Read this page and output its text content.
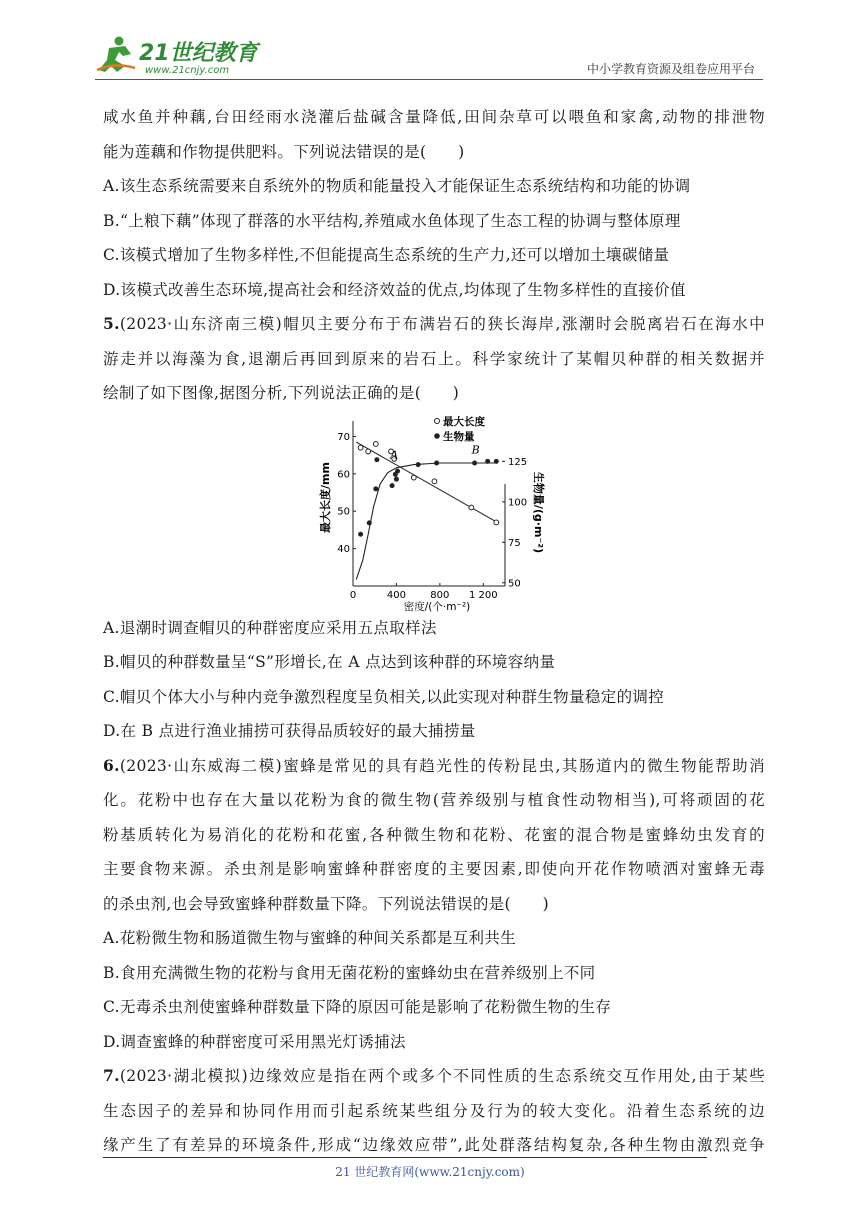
21世纪教育
www.21cnjy.com	中小学教育资源及组卷应用平台
咸水鱼并种藕,台田经雨水浇灌后盐碱含量降低,田间杂草可以喂鱼和家禽,动物的排泄物
能为莲藕和作物提供肥料。下列说法错误的是(　　)
A.该生态系统需要来自系统外的物质和能量投入才能保证生态系统结构和功能的协调
B.“上粮下藕”体现了群落的水平结构,养殖咸水鱼体现了生态工程的协调与整体原理
C.该模式增加了生物多样性,不但能提高生态系统的生产力,还可以增加土壤碳储量
D.该模式改善生态环境,提高社会和经济效益的优点,均体现了生物多样性的直接价值
5.(2023·山东济南三模)帽贝主要分布于布满岩石的狭长海岸,涨潮时会脱离岩石在海水中
游走并以海藻为食,退潮后再回到原来的岩石上。科学家统计了某帽贝种群的相关数据并
绘制了如下图像,据图分析,下列说法正确的是(　　)
0	400 800 1 200
40
50
60
70
50
75
100
125
最大长度/mm	生物量/(g·m⁻²)
密度/(个·m⁻²)
最大长度
生物量
A	B
A.退潮时调查帽贝的种群密度应采用五点取样法
B.帽贝的种群数量呈“S”形增长,在 A 点达到该种群的环境容纳量
C.帽贝个体大小与种内竞争激烈程度呈负相关,以此实现对种群生物量稳定的调控
D.在 B 点进行渔业捕捞可获得品质较好的最大捕捞量
6.(2023·山东威海二模)蜜蜂是常见的具有趋光性的传粉昆虫,其肠道内的微生物能帮助消
化。花粉中也存在大量以花粉为食的微生物(营养级别与植食性动物相当),可将顽固的花
粉基质转化为易消化的花粉和花蜜,各种微生物和花粉、花蜜的混合物是蜜蜂幼虫发育的
主要食物来源。杀虫剂是影响蜜蜂种群密度的主要因素,即使向开花作物喷洒对蜜蜂无毒
的杀虫剂,也会导致蜜蜂种群数量下降。下列说法错误的是(　　)
A.花粉微生物和肠道微生物与蜜蜂的种间关系都是互利共生
B.食用充满微生物的花粉与食用无菌花粉的蜜蜂幼虫在营养级别上不同
C.无毒杀虫剂使蜜蜂种群数量下降的原因可能是影响了花粉微生物的生存
D.调查蜜蜂的种群密度可采用黑光灯诱捕法
7.(2023·湖北模拟)边缘效应是指在两个或多个不同性质的生态系统交互作用处,由于某些
生态因子的差异和协同作用而引起系统某些组分及行为的较大变化。沿着生态系统的边
缘产生了有差异的环境条件,形成“边缘效应带”,此处群落结构复杂,各种生物由激烈竞争
21 世纪教育网(www.21cnjy.com)
